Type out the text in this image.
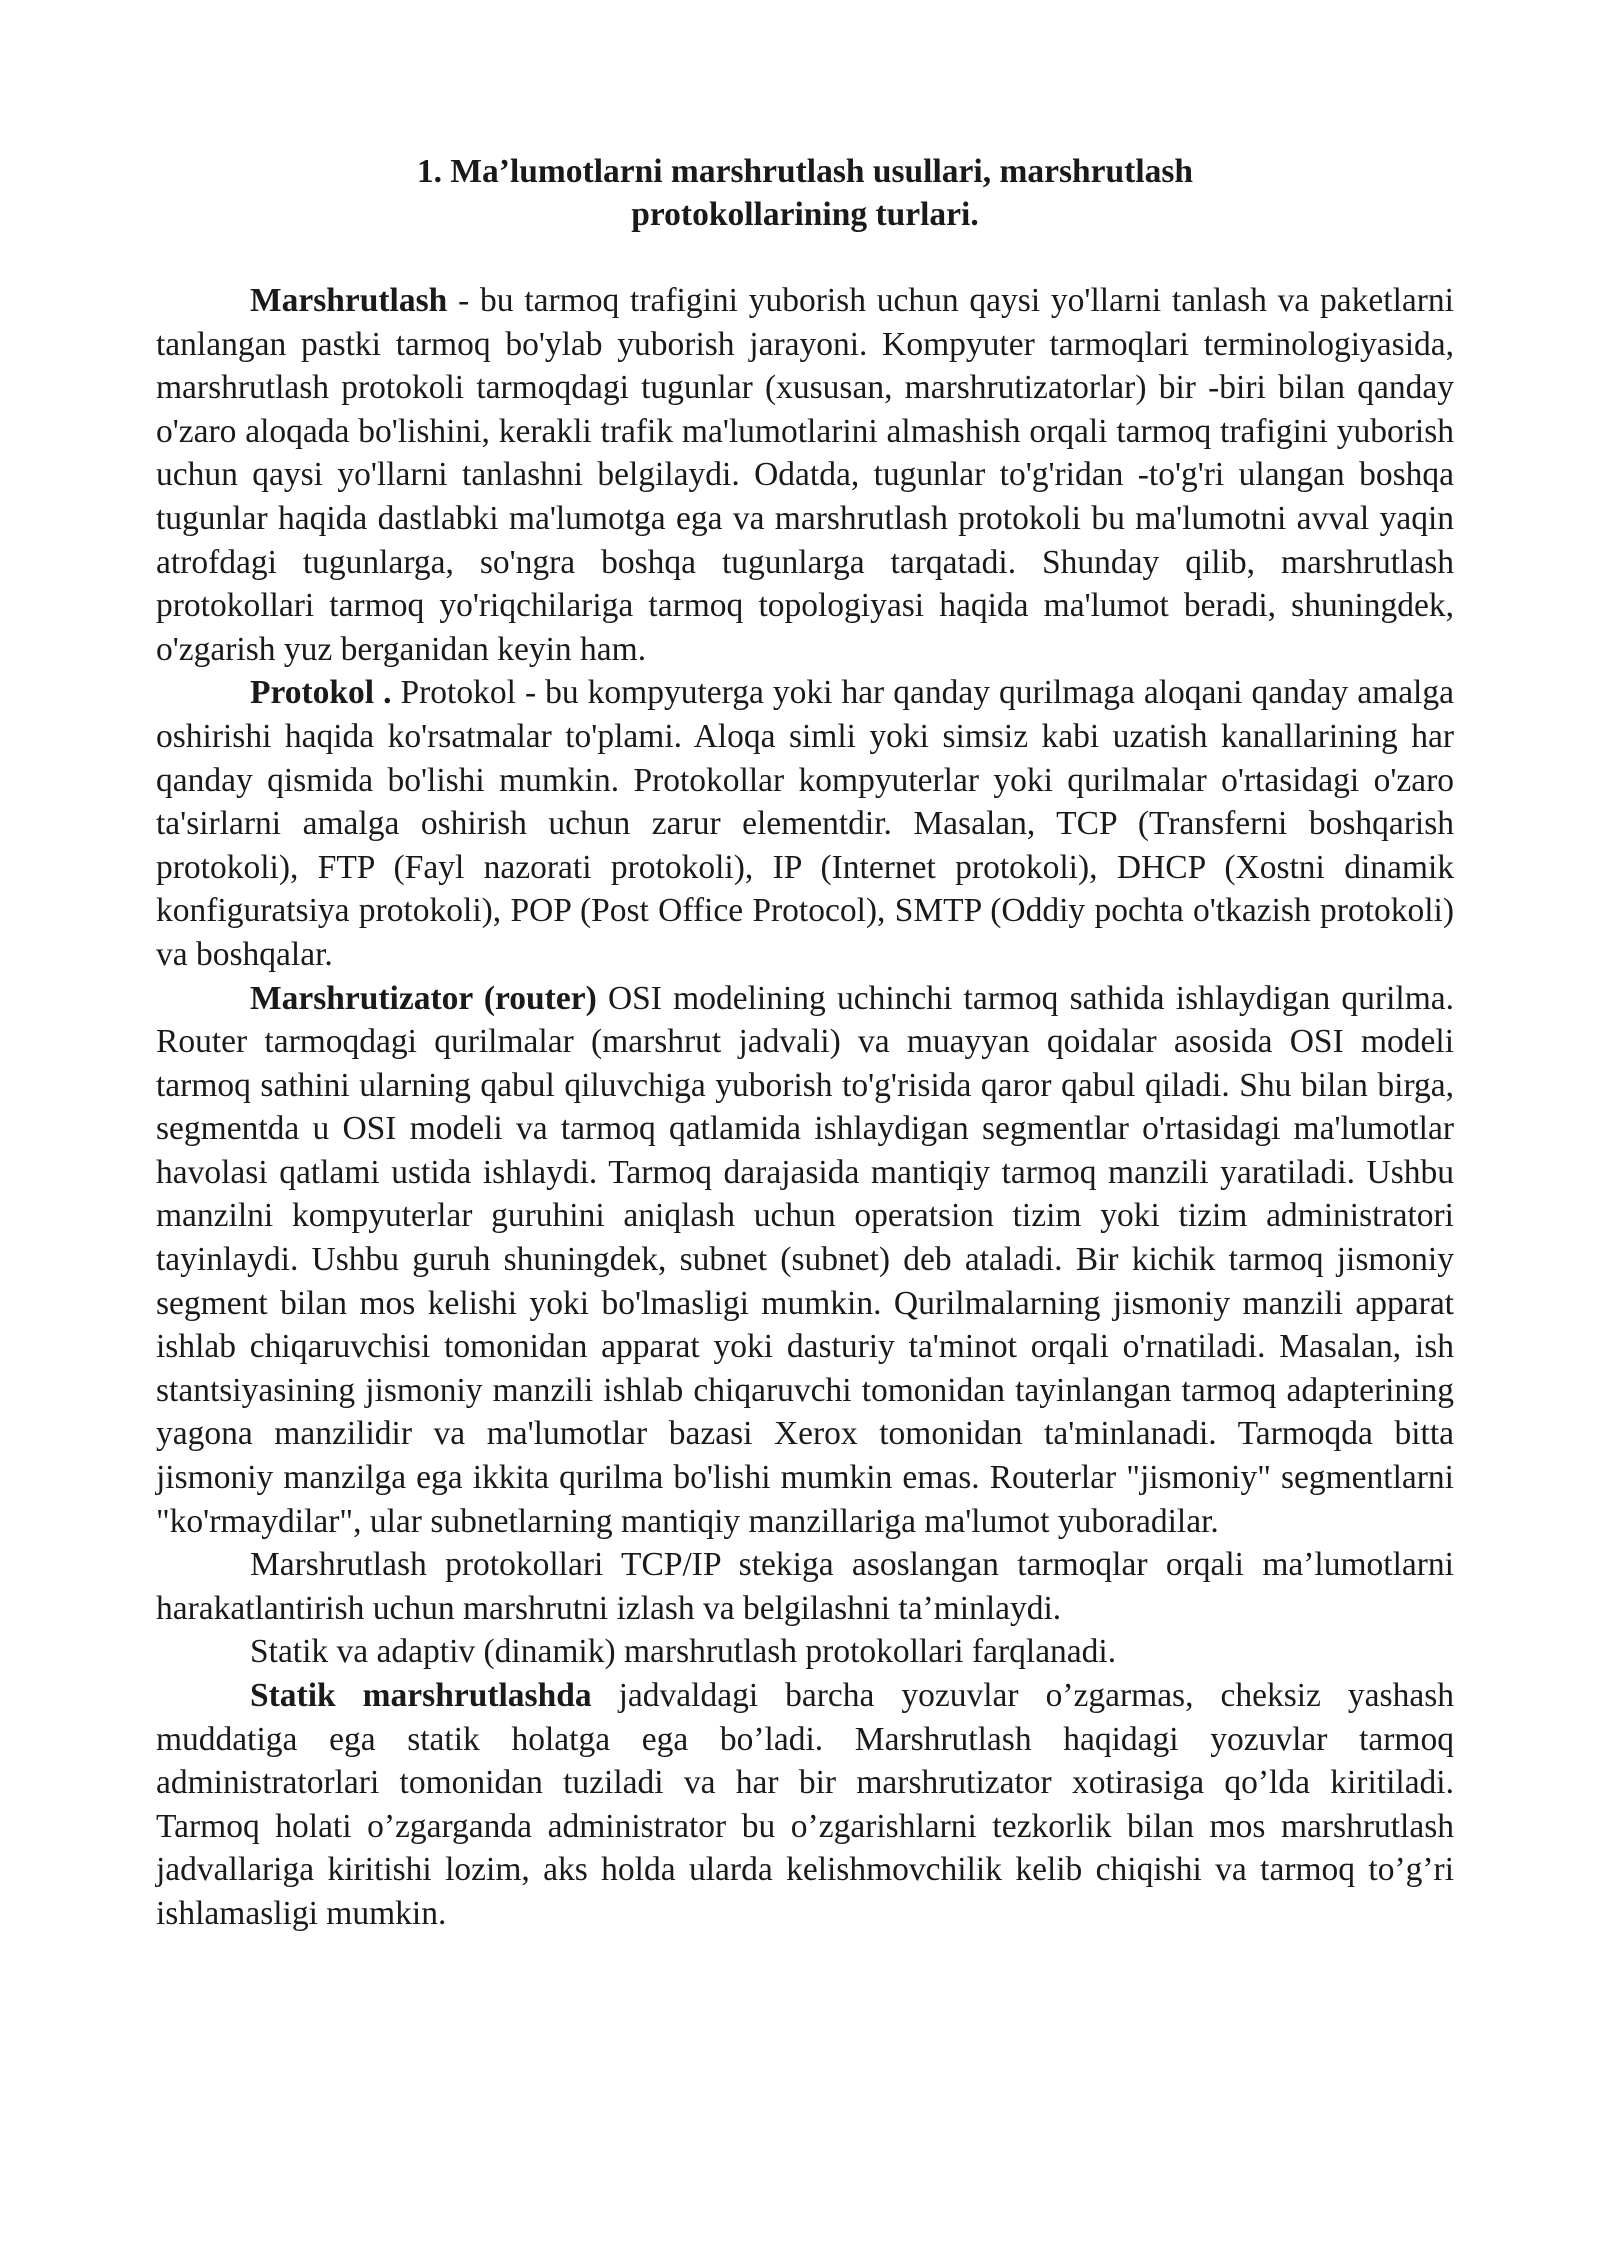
1. Ma’lumotlarni marshrutlash usullari, marshrutlash
protokollarining turlari.

Marshrutlash - bu tarmoq trafigini yuborish uchun qaysi yo'llarni tanlash va paketlarni tanlangan pastki tarmoq bo'ylab yuborish jarayoni. Kompyuter tarmoqlari terminologiyasida, marshrutlash protokoli tarmoqdagi tugunlar (xususan, marshrutizatorlar) bir -biri bilan qanday o'zaro aloqada bo'lishini, kerakli trafik ma'lumotlarini almashish orqali tarmoq trafigini yuborish uchun qaysi yo'llarni tanlashni belgilaydi. Odatda, tugunlar to'g'ridan -to'g'ri ulangan boshqa tugunlar haqida dastlabki ma'lumotga ega va marshrutlash protokoli bu ma'lumotni avval yaqin atrofdagi tugunlarga, so'ngra boshqa tugunlarga tarqatadi. Shunday qilib, marshrutlash protokollari tarmoq yo'riqchilariga tarmoq topologiyasi haqida ma'lumot beradi, shuningdek, o'zgarish yuz berganidan keyin ham.

Protokol . Protokol - bu kompyuterga yoki har qanday qurilmaga aloqani qanday amalga oshirishi haqida ko'rsatmalar to'plami. Aloqa simli yoki simsiz kabi uzatish kanallarining har qanday qismida bo'lishi mumkin. Protokollar kompyuterlar yoki qurilmalar o'rtasidagi o'zaro ta'sirlarni amalga oshirish uchun zarur elementdir. Masalan, TCP (Transferni boshqarish protokoli), FTP (Fayl nazorati protokoli), IP (Internet protokoli), DHCP (Xostni dinamik konfiguratsiya protokoli), POP (Post Office Protocol), SMTP (Oddiy pochta o'tkazish protokoli) va boshqalar.

Marshrutizator (router) OSI modelining uchinchi tarmoq sathida ishlaydigan qurilma. Router tarmoqdagi qurilmalar (marshrut jadvali) va muayyan qoidalar asosida OSI modeli tarmoq sathini ularning qabul qiluvchiga yuborish to'g'risida qaror qabul qiladi. Shu bilan birga, segmentda u OSI modeli va tarmoq qatlamida ishlaydigan segmentlar o'rtasidagi ma'lumotlar havolasi qatlami ustida ishlaydi. Tarmoq darajasida mantiqiy tarmoq manzili yaratiladi. Ushbu manzilni kompyuterlar guruhini aniqlash uchun operatsion tizim yoki tizim administratori tayinlaydi. Ushbu guruh shuningdek, subnet (subnet) deb ataladi. Bir kichik tarmoq jismoniy segment bilan mos kelishi yoki bo'lmasligi mumkin. Qurilmalarning jismoniy manzili apparat ishlab chiqaruvchisi tomonidan apparat yoki dasturiy ta'minot orqali o'rnatiladi. Masalan, ish stantsiyasining jismoniy manzili ishlab chiqaruvchi tomonidan tayinlangan tarmoq adapterining yagona manzilidir va ma'lumotlar bazasi Xerox tomonidan ta'minlanadi. Tarmoqda bitta jismoniy manzilga ega ikkita qurilma bo'lishi mumkin emas. Routerlar "jismoniy" segmentlarni "ko'rmaydilar", ular subnetlarning mantiqiy manzillariga ma'lumot yuboradilar.

Marshrutlash protokollari TCP/IP stekiga asoslangan tarmoqlar orqali ma’lumotlarni harakatlantirish uchun marshrutni izlash va belgilashni ta’minlaydi.

Statik va adaptiv (dinamik) marshrutlash protokollari farqlanadi.

Statik marshrutlashda jadvaldagi barcha yozuvlar o’zgarmas, cheksiz yashash muddatiga ega statik holatga ega bo’ladi. Marshrutlash haqidagi yozuvlar tarmoq administratorlari tomonidan tuziladi va har bir marshrutizator xotirasiga qo’lda kiritiladi. Tarmoq holati o’zgarganda administrator bu o’zgarishlarni tezkorlik bilan mos marshrutlash jadvallariga kiritishi lozim, aks holda ularda kelishmovchilik kelib chiqishi va tarmoq to’g’ri ishlamasligi mumkin.
